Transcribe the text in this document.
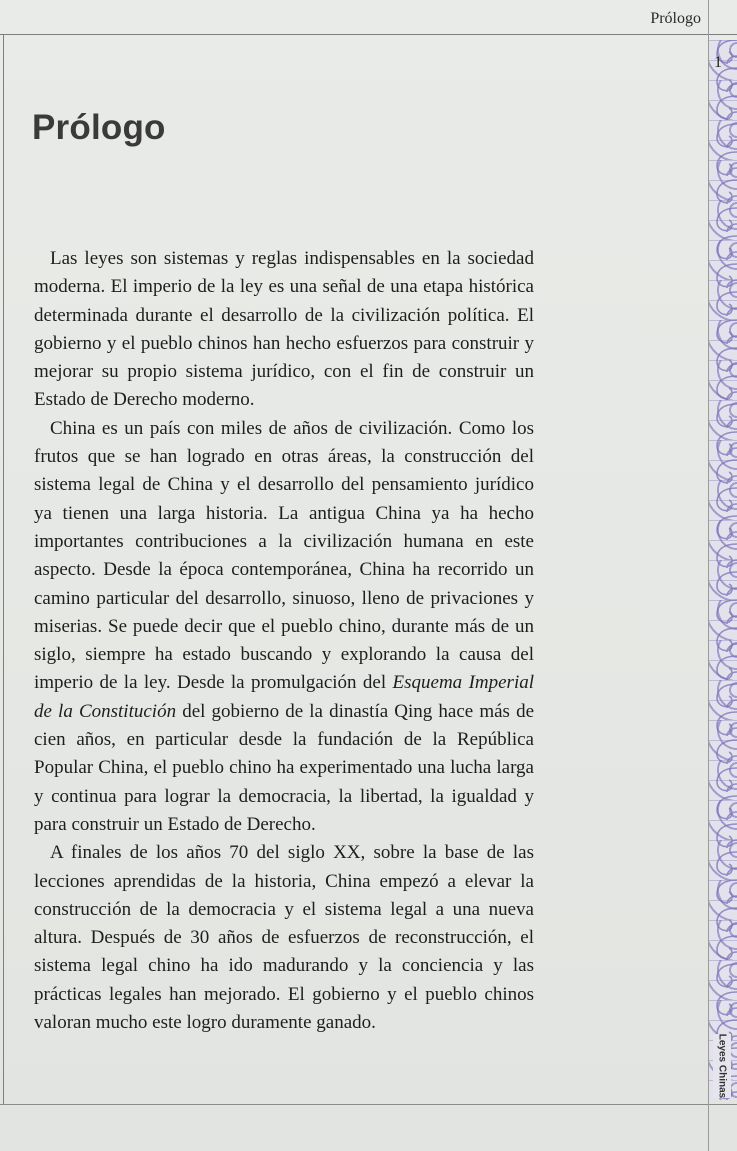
Prólogo
1
Leyes Chinas
Prólogo

Las leyes son sistemas y reglas indispensables en la sociedad moderna. El imperio de la ley es una señal de una etapa histórica determinada durante el desarrollo de la civilización política. El gobierno y el pueblo chinos han hecho esfuerzos para construir y mejorar su propio sistema jurídico, con el fin de construir un Estado de Derecho moderno.

China es un país con miles de años de civilización. Como los frutos que se han logrado en otras áreas, la construcción del sistema legal de China y el desarrollo del pensamiento jurídico ya tienen una larga historia. La antigua China ya ha hecho importantes contribuciones a la civilización humana en este aspecto. Desde la época contemporánea, China ha recorrido un camino particular del desarrollo, sinuoso, lleno de privaciones y miserias. Se puede decir que el pueblo chino, durante más de un siglo, siempre ha estado buscando y explorando la causa del imperio de la ley. Desde la promulgación del Esquema Imperial de la Constitución del gobierno de la dinastía Qing hace más de cien años, en particular desde la fundación de la República Popular China, el pueblo chino ha experimentado una lucha larga y continua para lograr la democracia, la libertad, la igualdad y para construir un Estado de Derecho.

A finales de los años 70 del siglo XX, sobre la base de las lecciones aprendidas de la historia, China empezó a elevar la construcción de la democracia y el sistema legal a una nueva altura. Después de 30 años de esfuerzos de reconstrucción, el sistema legal chino ha ido madurando y la conciencia y las prácticas legales han mejorado. El gobierno y el pueblo chinos valoran mucho este logro duramente ganado.
